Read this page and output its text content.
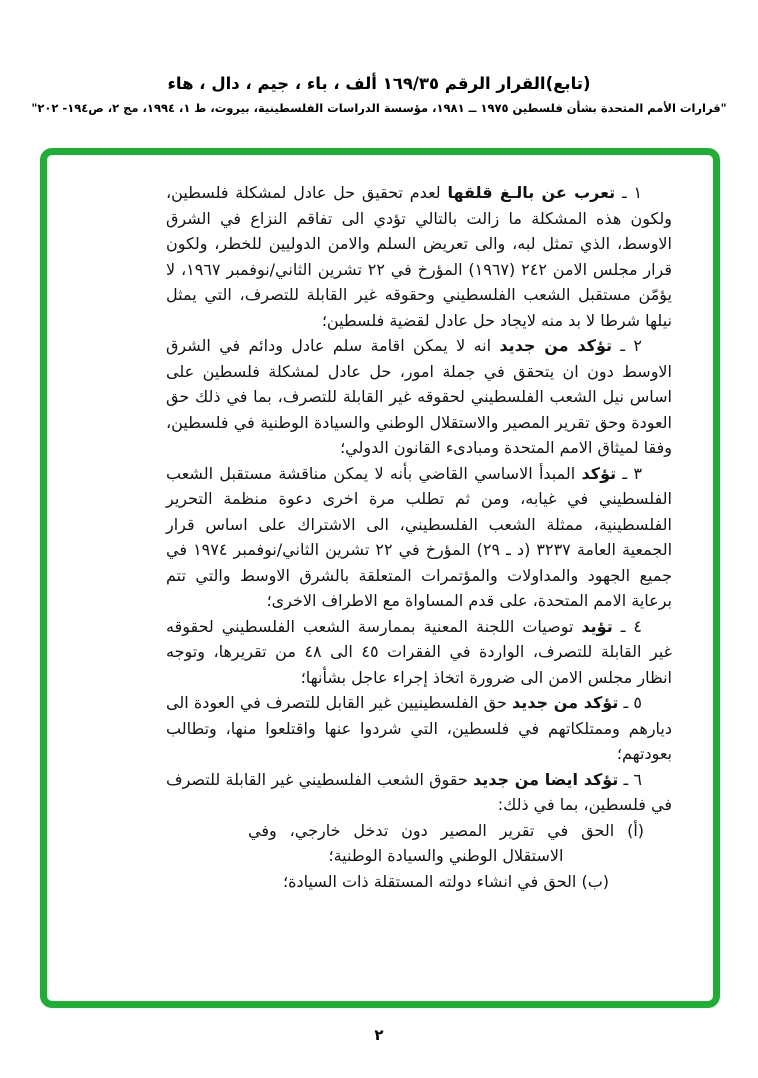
(تابع)القرار الرقم ٣٥‏/‏١٦٩ ألف ، باء ، جيم ، دال ، هاء
"قرارات الأمم المتحدة بشأن فلسطين ١٩٧٥ ــ ١٩٨١، مؤسسة الدراسات الفلسطينية، بيروت، ط ١، ١٩٩٤، مج ٢، ص١٩٤‏-‏ ٢٠٢"

١ ـ تعرب عن بالـغ قلقها لعدم تحقيق حل عادل لمشكلة فلسطين، ولكون هذه المشكلة ما زالت بالتالي تؤدي الى تفاقم النزاع في الشرق الاوسط، الذي تمثل لبه، والى تعريض السلم والامن الدوليين للخطر، ولكون قرار مجلس الامن ٢٤٢ (١٩٦٧) المؤرخ في ٢٢ تشرين الثاني/نوفمبر ١٩٦٧، لا يؤمّن مستقبل الشعب الفلسطيني وحقوقه غير القابلة للتصرف، التي يمثل نيلها شرطا لا بد منه لايجاد حل عادل لقضية فلسطين؛

٢ ـ تؤكد من جديد انه لا يمكن اقامة سلم عادل ودائم في الشرق الاوسط دون ان يتحقق في جملة امور، حل عادل لمشكلة فلسطين على اساس نيل الشعب الفلسطيني لحقوقه غير القابلة للتصرف، بما في ذلك حق العودة وحق تقرير المصير والاستقلال الوطني والسيادة الوطنية في فلسطين، وفقا لميثاق الامم المتحدة ومبادىء القانون الدولي؛

٣ ـ تؤكد المبدأ الاساسي القاضي بأنه لا يمكن مناقشة مستقبل الشعب الفلسطيني في غيابه، ومن ثم تطلب مرة اخرى دعوة منظمة التحرير الفلسطينية، ممثلة الشعب الفلسطيني، الى الاشتراك على اساس قرار الجمعية العامة ٣٢٣٧ (د ـ ٢٩) المؤرخ في ٢٢ تشرين الثاني/نوفمبر ١٩٧٤ في جميع الجهود والمداولات والمؤتمرات المتعلقة بالشرق الاوسط والتي تتم برعاية الامم المتحدة، على قدم المساواة مع الاطراف الاخرى؛

٤ ـ تؤيد توصيات اللجنة المعنية بممارسة الشعب الفلسطيني لحقوقه غير القابلة للتصرف، الواردة في الفقرات ٤٥ الى ٤٨ من تقريرها، وتوجه انظار مجلس الامن الى ضرورة اتخاذ إجراء عاجل بشأنها؛

٥ ـ تؤكد من جديد حق الفلسطينيين غير القابل للتصرف في العودة الى ديارهم وممتلكاتهم في فلسطين، التي شردوا عنها واقتلعوا منها، وتطالب بعودتهم؛

٦ ـ تؤكد ايضا من جديد حقوق الشعب الفلسطيني غير القابلة للتصرف في فلسطين، بما في ذلك:

(أ) الحق في تقرير المصير دون تدخل خارجي، وفي الاستقلال الوطني والسيادة الوطنية؛

(ب) الحق في انشاء دولته المستقلة ذات السيادة؛

٢
